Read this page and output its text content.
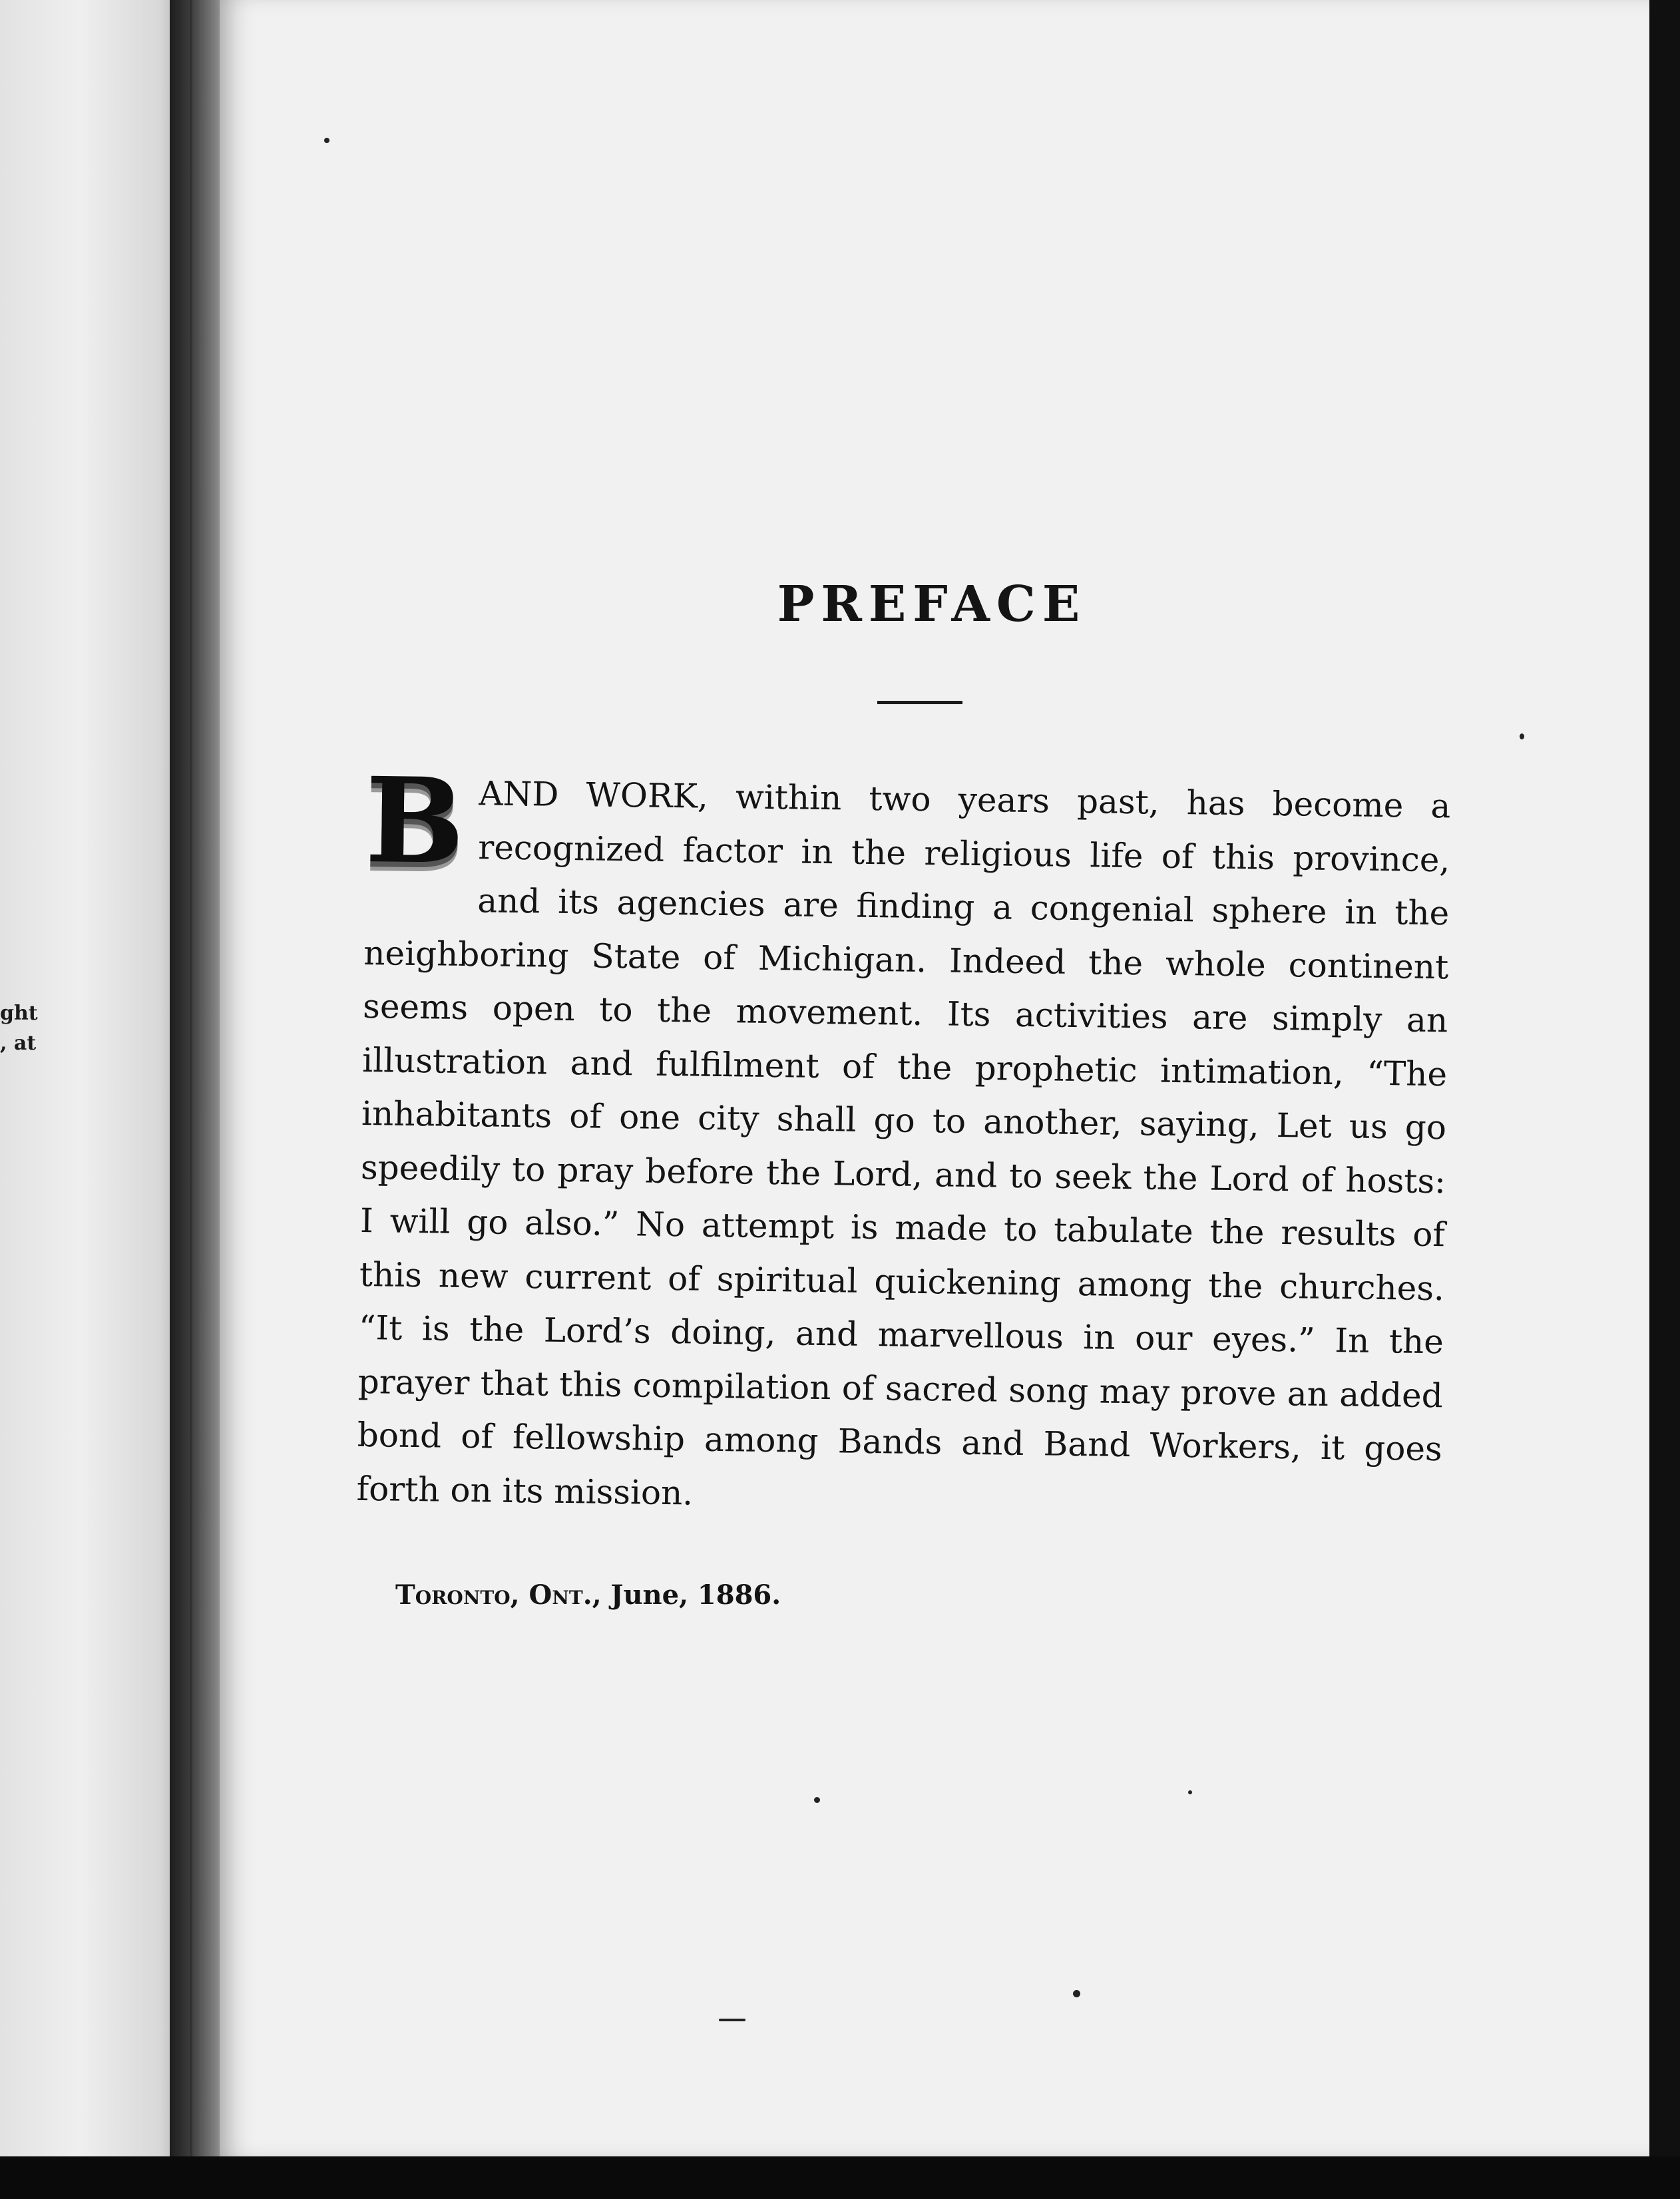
ght
, at
PREFACE
B AND WORK, within two years past, has become a recognized factor in the religious life of this province, and its agencies are finding a congenial sphere in the neighboring State of Michigan. Indeed the whole continent seems open to the movement. Its activities are simply an illustration and fulfilment of the prophetic intimation, “The inhabitants of one city shall go to another, saying, Let us go speedily to pray before the Lord, and to seek the Lord of hosts: I will go also.” No attempt is made to tabulate the results of this new current of spiritual quickening among the churches. “It is the Lord’s doing, and marvellous in our eyes.” In the prayer that this compilation of sacred song may prove an added bond of fellowship among Bands and Band Workers, it goes forth on its mission.
Toronto, Ont., June, 1886.
